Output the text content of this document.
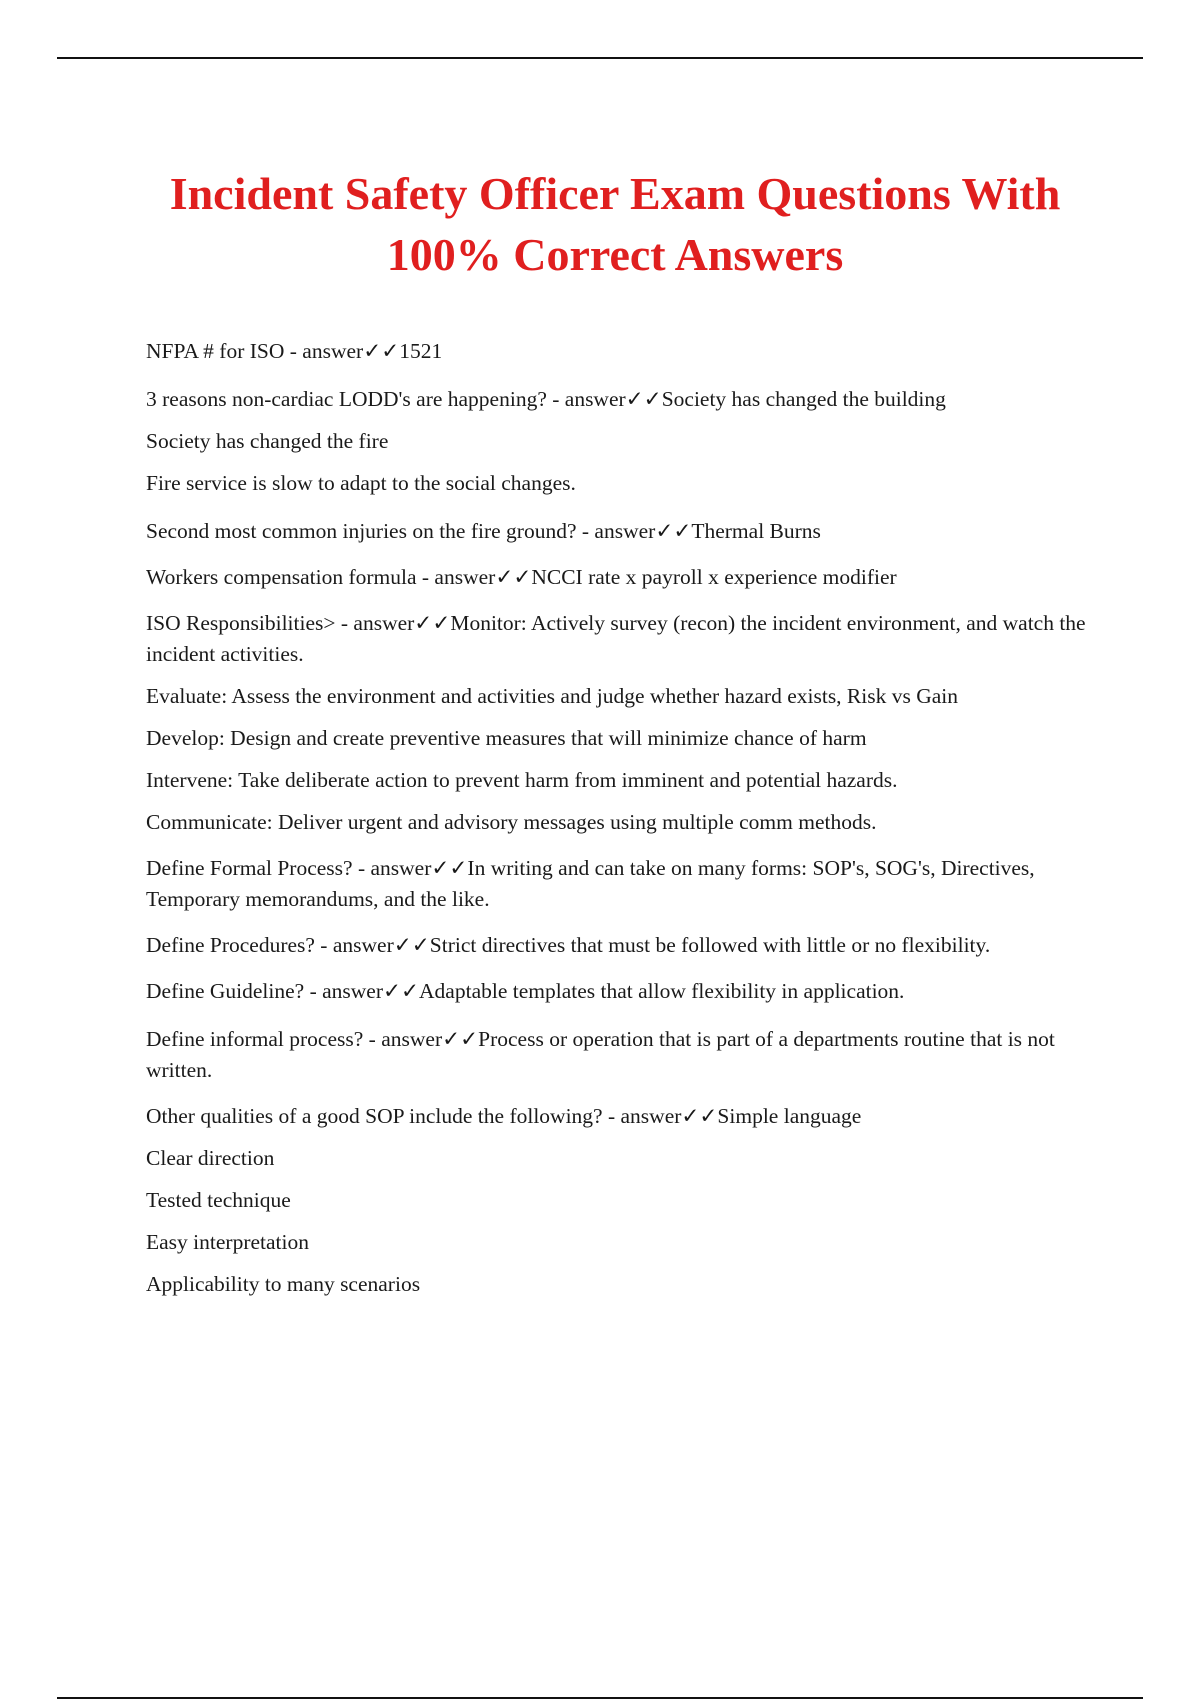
Incident Safety Officer Exam Questions With
100% Correct Answers

NFPA # for ISO - answer✓✓1521

3 reasons non-cardiac LODD's are happening? - answer✓✓Society has changed the building

Society has changed the fire

Fire service is slow to adapt to the social changes.

Second most common injuries on the fire ground? - answer✓✓Thermal Burns

Workers compensation formula - answer✓✓NCCI rate x payroll x experience modifier

ISO Responsibilities> - answer✓✓Monitor: Actively survey (recon) the incident environment, and watch the incident activities.

Evaluate: Assess the environment and activities and judge whether hazard exists, Risk vs Gain

Develop: Design and create preventive measures that will minimize chance of harm

Intervene: Take deliberate action to prevent harm from imminent and potential hazards.

Communicate: Deliver urgent and advisory messages using multiple comm methods.

Define Formal Process? - answer✓✓In writing and can take on many forms: SOP's, SOG's, Directives, Temporary memorandums, and the like.

Define Procedures? - answer✓✓Strict directives that must be followed with little or no flexibility.

Define Guideline? - answer✓✓Adaptable templates that allow flexibility in application.

Define informal process? - answer✓✓Process or operation that is part of a departments routine that is not written.

Other qualities of a good SOP include the following? - answer✓✓Simple language

Clear direction

Tested technique

Easy interpretation

Applicability to many scenarios
